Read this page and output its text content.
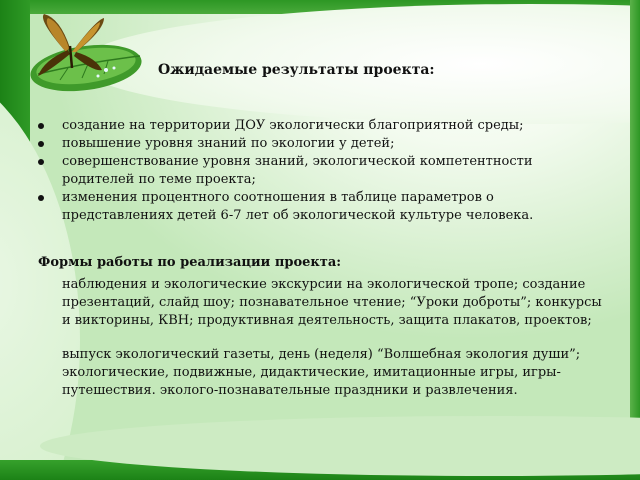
Ожидаемые результаты проекта:
создание на территории ДОУ экологически благоприятной среды;
повышение уровня знаний по экологии у детей;
совершенствование уровня знаний, экологической компетентности родителей по теме проекта;
изменения процентного соотношения в таблице параметров о представлениях детей 6-7 лет об экологической культуре человека.
Формы работы по реализации проекта:
наблюдения и экологические экскурсии на экологической тропе; создание презентаций, слайд шоу; познавательное чтение; “Уроки доброты”; конкурсы и викторины, КВН; продуктивная деятельность, защита плакатов, проектов;
выпуск экологический газеты, день (неделя) “Волшебная экология души”; экологические, подвижные, дидактические, имитационные игры, игры-путешествия. эколого-познавательные праздники и развлечения.
